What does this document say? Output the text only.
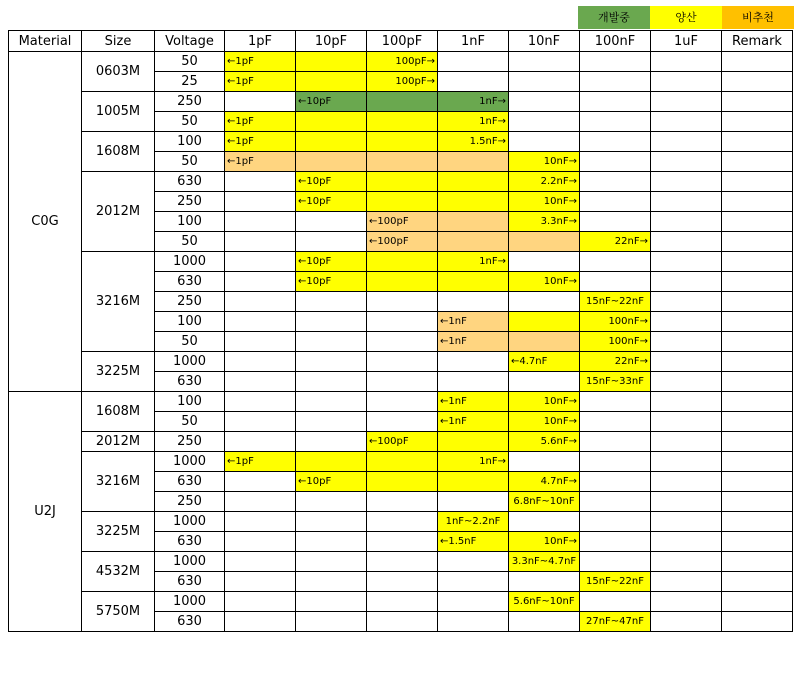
개발중	양산	비추천
Material	Size	Voltage	1pF	10pF	100pF	1nF	10nF	100nF	1uF	Remark
C0G	0603M	50	←1pF		100pF→					
		25	←1pF		100pF→					
	1005M	250		←10pF		1nF→				
		50	←1pF			1nF→				
	1608M	100	←1pF			1.5nF→				
		50	←1pF				10nF→			
	2012M	630		←10pF			2.2nF→			
		250		←10pF			10nF→			
		100			←100pF		3.3nF→			
		50			←100pF			22nF→		
	3216M	1000		←10pF		1nF→				
		630		←10pF			10nF→			
		250						15nF~22nF		
		100				←1nF		100nF→		
		50				←1nF		100nF→		
	3225M	1000					←4.7nF	22nF→		
		630						15nF~33nF		
U2J	1608M	100				←1nF	10nF→			
		50				←1nF	10nF→			
	2012M	250			←100pF		5.6nF→			
	3216M	1000	←1pF			1nF→				
		630		←10pF			4.7nF→			
		250					6.8nF~10nF			
	3225M	1000				1nF~2.2nF				
		630				←1.5nF	10nF→			
	4532M	1000					3.3nF~4.7nF			
		630						15nF~22nF		
	5750M	1000					5.6nF~10nF			
		630						27nF~47nF		
